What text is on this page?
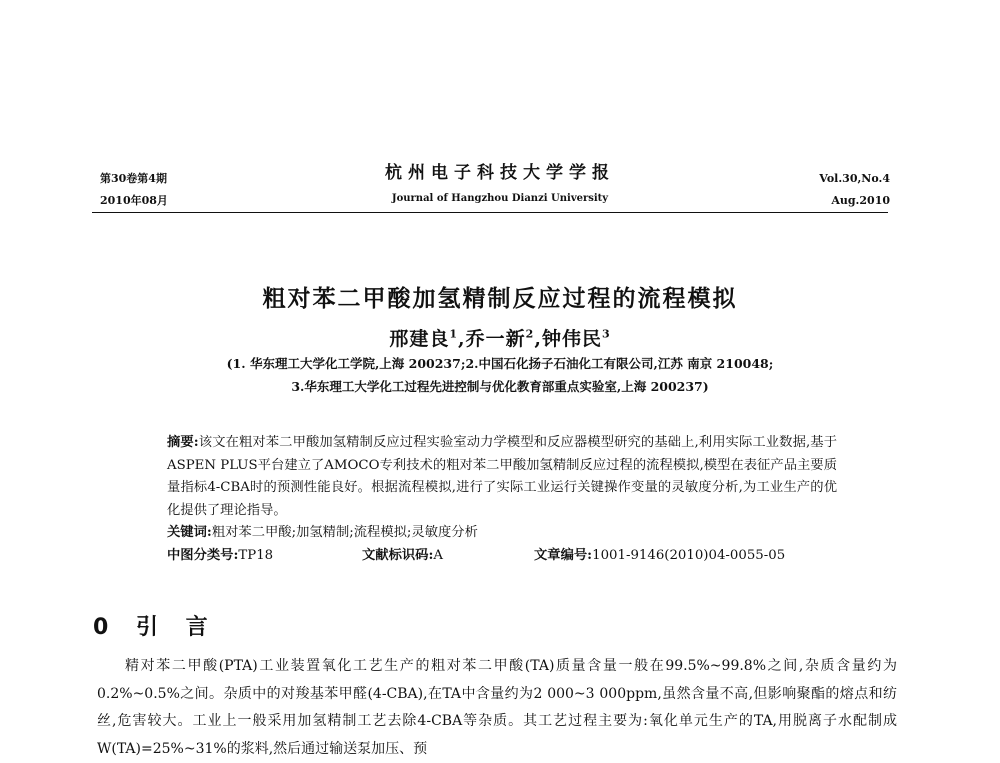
第30卷第4期
2010年08月
杭州电子科技大学学报
Journal of Hangzhou Dianzi University
Vol.30,No.4
Aug.2010
粗对苯二甲酸加氢精制反应过程的流程模拟
邢建良$^1$,乔一新$^2$,钟伟民$^3$
(1. 华东理工大学化工学院,上海 200237;2.中国石化扬子石油化工有限公司,江苏 南京 210048;
3.华东理工大学化工过程先进控制与优化教育部重点实验室,上海 200237)

摘要:该文在粗对苯二甲酸加氢精制反应过程实验室动力学模型和反应器模型研究的基础上,利用实际工业数据,基于ASPEN PLUS平台建立了AMOCO专利技术的粗对苯二甲酸加氢精制反应过程的流程模拟,模型在表征产品主要质量指标4-CBA时的预测性能良好。根据流程模拟,进行了实际工业运行关键操作变量的灵敏度分析,为工业生产的优化提供了理论指导。

关键词:粗对苯二甲酸;加氢精制;流程模拟;灵敏度分析

中图分类号:TP18	文献标识码:A	文章编号:1001-9146(2010)04-0055-05
0 引 言

精对苯二甲酸(PTA)工业装置氧化工艺生产的粗对苯二甲酸(TA)质量含量一般在99.5%~99.8%之间,杂质含量约为0.2%~0.5%之间。杂质中的对羧基苯甲醛(4-CBA),在TA中含量约为2 000~3 000ppm,虽然含量不高,但影响聚酯的熔点和纺丝,危害较大。工业上一般采用加氢精制工艺去除4-CBA等杂质。其工艺过程主要为:氧化单元生产的TA,用脱离子水配制成W(TA)=25%~31%的浆料,然后通过输送泵加压、预
